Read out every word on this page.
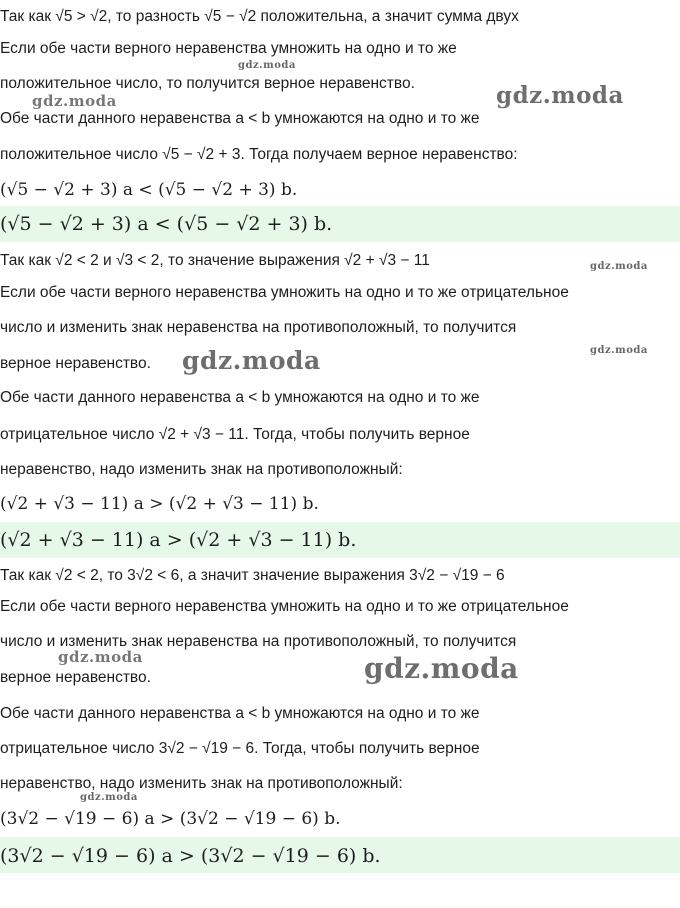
Так как √5 > √2, то разность √5 − √2 положительна, а значит сумма двух
Если обе части верного неравенства умножить на одно и то же
положительное число, то получится верное неравенство.
Обе части данного неравенства a < b умножаются на одно и то же
положительное число √5 − √2 + 3. Тогда получаем верное неравенство:
(√5 − √2 + 3) a < (√5 − √2 + 3) b.
(√5 − √2 + 3) a < (√5 − √2 + 3) b.
Так как √2 < 2 и √3 < 2, то значение выражения √2 + √3 − 11
Если обе части верного неравенства умножить на одно и то же отрицательное
число и изменить знак неравенства на противоположный, то получится
верное неравенство.
Обе части данного неравенства a < b умножаются на одно и то же
отрицательное число √2 + √3 − 11. Тогда, чтобы получить верное
неравенство, надо изменить знак на противоположный:
(√2 + √3 − 11) a > (√2 + √3 − 11) b.
(√2 + √3 − 11) a > (√2 + √3 − 11) b.
Так как √2 < 2, то 3√2 < 6, а значит значение выражения 3√2 − √19 − 6
Если обе части верного неравенства умножить на одно и то же отрицательное
число и изменить знак неравенства на противоположный, то получится
верное неравенство.
Обе части данного неравенства a < b умножаются на одно и то же
отрицательное число 3√2 − √19 − 6. Тогда, чтобы получить верное
неравенство, надо изменить знак на противоположный:
(3√2 − √19 − 6) a > (3√2 − √19 − 6) b.
(3√2 − √19 − 6) a > (3√2 − √19 − 6) b.
gdz.moda
gdz.moda	gdz.moda
gdz.moda
gdz.moda	gdz.moda
gdz.moda	gdz.moda
gdz.moda
